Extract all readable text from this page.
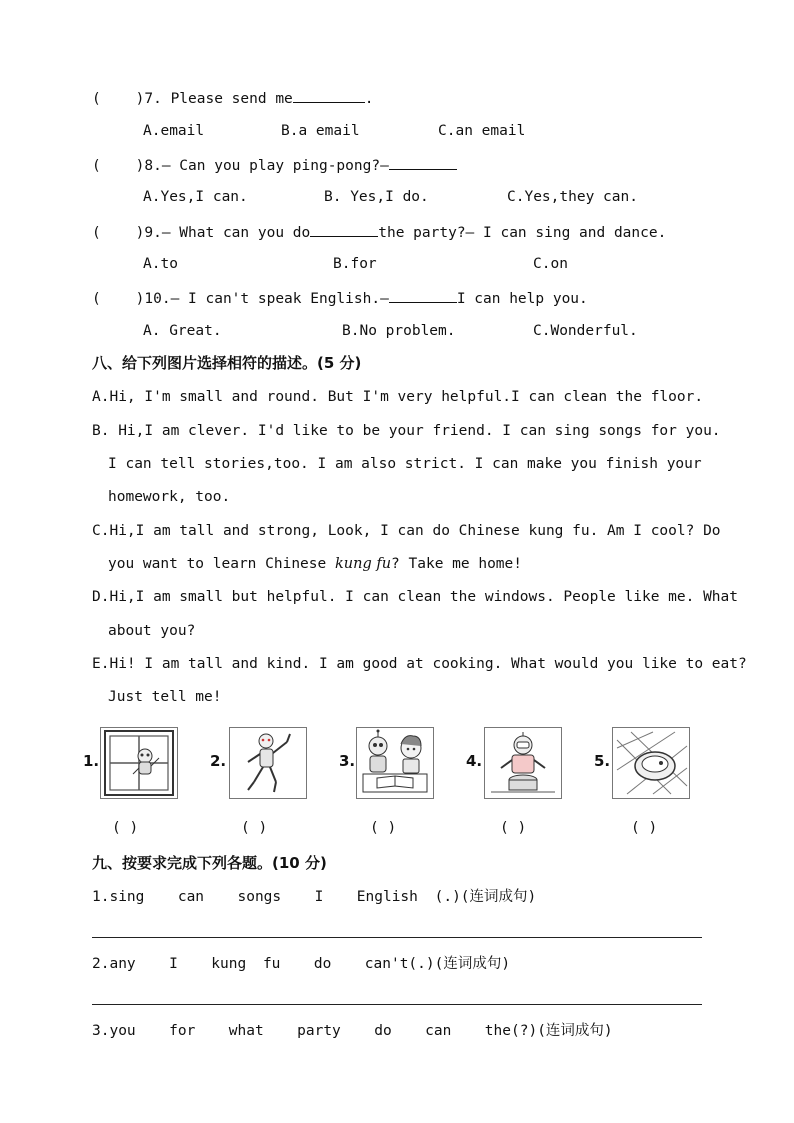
(    )7. Please send me	.
A.email	B.a email	C.an email
(    )8.— Can you play ping-pong?—
A.Yes,I can.	B. Yes,I do.	C.Yes,they can.
(    )9.— What can you do	the party?— I can sing and dance.
A.to	B.for	C.on
(    )10.— I can't speak English.—	I can help you.
A. Great.	B.No problem.	C.Wonderful.
八、给下列图片选择相符的描述。(5 分)
A.Hi, I'm small and round. But I'm very helpful.I can clean the floor.
B. Hi,I am clever. I'd like to be your friend. I can sing songs for you.
I can tell stories,too. I am also strict. I can make you finish your
homework, too.
C.Hi,I am tall and strong, Look, I can do Chinese kung fu. Am I cool? Do
you want to learn Chinese kung fu? Take me home!
D.Hi,I am small but helpful. I can clean the windows. People like me. What
about you?
E.Hi! I am tall and kind. I am good at cooking. What would you like to eat?
Just tell me!
1.	2.	3.	4.	5.
( )	( )	( )	( )	( )
九、按要求完成下列各题。(10 分)
1.sing  can  songs  I  English (.)(连词成句)
2.any  I  kung fu  do  can't(.)(连词成句)
3.you  for  what  party  do  can  the(?)(连词成句)
